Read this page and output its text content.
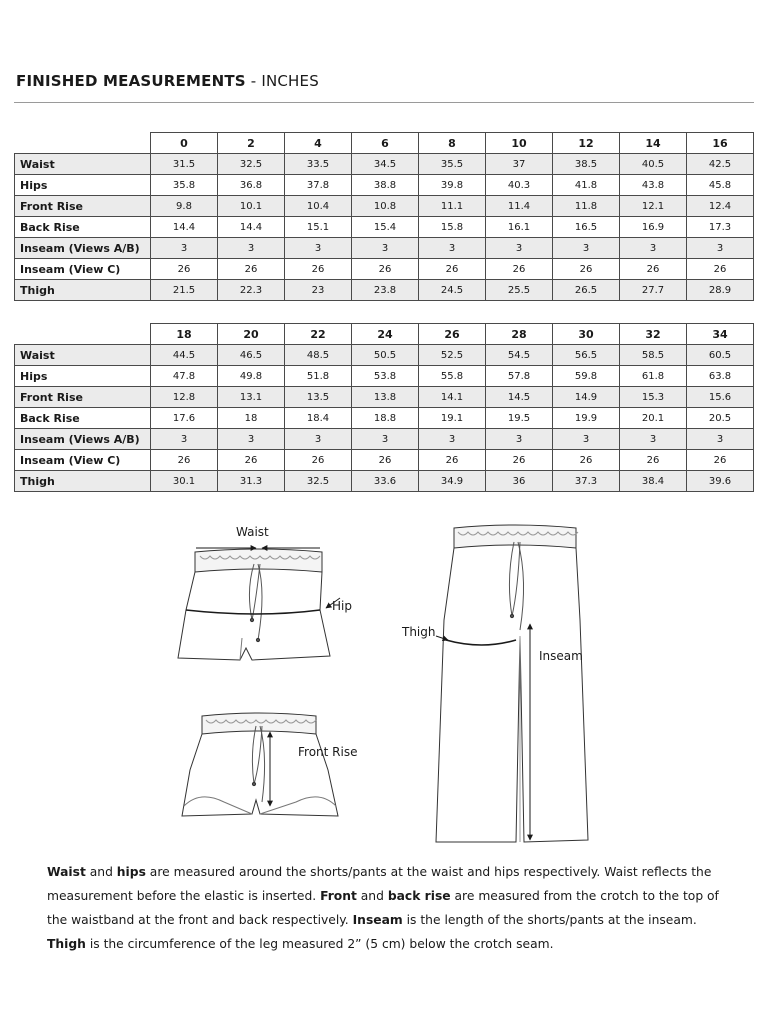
FINISHED MEASUREMENTS - INCHES
	0	2	4	6	8	10	12	14	16
Waist	31.5	32.5	33.5	34.5	35.5	37	38.5	40.5	42.5
Hips	35.8	36.8	37.8	38.8	39.8	40.3	41.8	43.8	45.8
Front Rise	9.8	10.1	10.4	10.8	11.1	11.4	11.8	12.1	12.4
Back Rise	14.4	14.4	15.1	15.4	15.8	16.1	16.5	16.9	17.3
Inseam (Views A/B)	3	3	3	3	3	3	3	3	3
Inseam (View C)	26	26	26	26	26	26	26	26	26
Thigh	21.5	22.3	23	23.8	24.5	25.5	26.5	27.7	28.9
	18	20	22	24	26	28	30	32	34
Waist	44.5	46.5	48.5	50.5	52.5	54.5	56.5	58.5	60.5
Hips	47.8	49.8	51.8	53.8	55.8	57.8	59.8	61.8	63.8
Front Rise	12.8	13.1	13.5	13.8	14.1	14.5	14.9	15.3	15.6
Back Rise	17.6	18	18.4	18.8	19.1	19.5	19.9	20.1	20.5
Inseam (Views A/B)	3	3	3	3	3	3	3	3	3
Inseam (View C)	26	26	26	26	26	26	26	26	26
Thigh	30.1	31.3	32.5	33.6	34.9	36	37.3	38.4	39.6
Waist
Hip
Front Rise
Thigh
Inseam
Waist and hips are measured around the shorts/pants at the waist and hips respectively. Waist reflects the measurement before the elastic is inserted. Front and back rise are measured from the crotch to the top of the waistband at the front and back respectively. Inseam is the length of the shorts/pants at the inseam. Thigh is the circumference of the leg measured 2” (5 cm) below the crotch seam.
